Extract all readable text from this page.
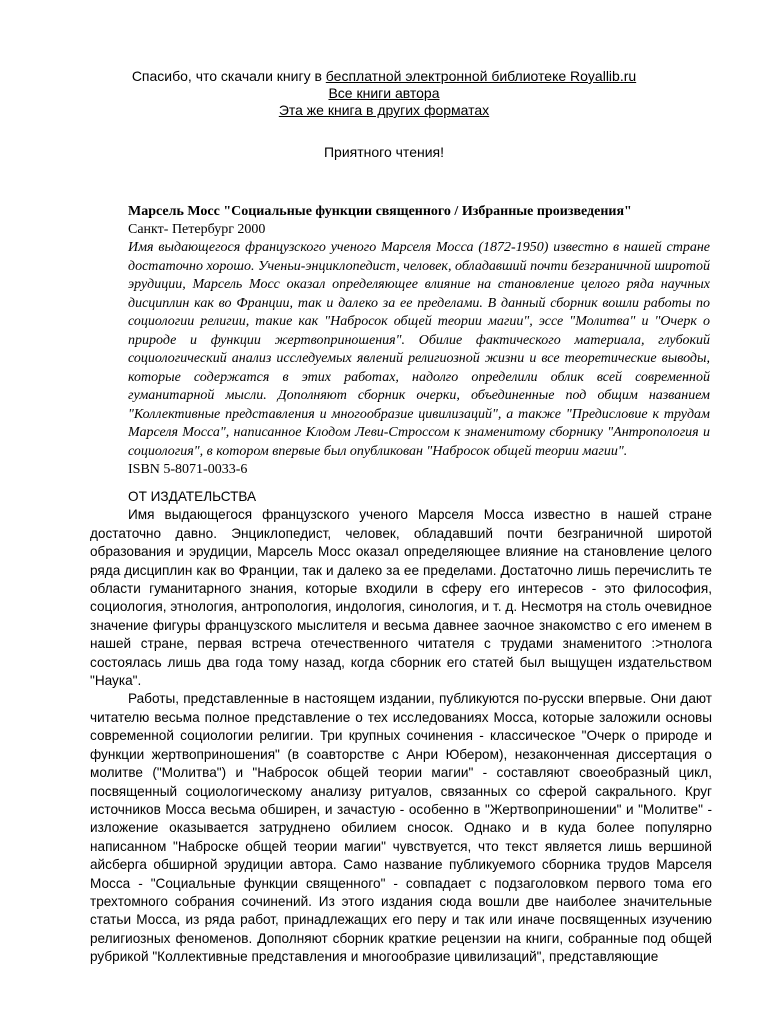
Спасибо, что скачали книгу в бесплатной электронной библиотеке Royallib.ru
Все книги автора
Эта же книга в других форматах
Приятного чтения!
Марсель Мосс "Социальные функции священного / Избранные произведения"
Санкт- Петербург 2000
Имя выдающегося французского ученого Марселя Мосса (1872-1950) известно в нашей стране достаточно хорошо. Ученьи-энциклопедист, человек, обладавший почти безграничной широтой эрудиции, Марсель Мосс оказал определяющее влияние на становление целого ряда научных дисциплин как во Франции, так и далеко за ее пределами. В данный сборник вошли работы по социологии религии, такие как "Набросок общей теории магии", эссе "Молитва" и "Очерк о природе и функции жертвоприношения". Обилие фактического материала, глубокий социологический анализ исследуемых явлений религиозной жизни и все теоретические выводы, которые содержатся в этих работах, надолго определили облик всей современной гуманитарной мысли. Дополняют сборник очерки, объединенные под общим названием "Коллективные представления и многообразие цивилизаций", а также "Предисловие к трудам Марселя Мосса", написанное Клодом Леви-Строссом к знаменитому сборнику "Антропология и социология", в котором впервые был опубликован "Набросок общей теории магии".
ISBN 5-8071-0033-6
ОТ ИЗДАТЕЛЬСТВА

Имя выдающегося французского ученого Марселя Мосса известно в нашей стране достаточно давно. Энциклопедист, человек, обладавший почти безграничной широтой образования и эрудиции, Марсель Мосс оказал определяющее влияние на становление целого ряда дисциплин как во Франции, так и далеко за ее пределами. Достаточно лишь перечислить те области гуманитарного знания, которые входили в сферу его интересов - это философия, социология, этнология, антропология, индология, синология, и т. д. Несмотря на столь очевидное значение фигуры французского мыслителя и весьма давнее заочное знакомство с его именем в нашей стране, первая встреча отечественного читателя с трудами знаменитого :>тнолога состоялась лишь два года тому назад, когда сборник его статей был выщущен издательством "Наука".

Работы, представленные в настоящем издании, публикуются по-русски впервые. Они дают читателю весьма полное представление о тех исследованиях Мосса, которые заложили основы современной социологии религии. Три крупных сочинения - классическое "Очерк о природе и функции жертвоприношения" (в соавторстве с Анри Юбером), незаконченная диссертация о молитве ("Молитва") и "Набросок общей теории магии" - составляют своеобразный цикл, посвященный социологическому анализу ритуалов, связанных со сферой сакрального. Круг источников Мосса весьма обширен, и зачастую - особенно в "Жертвоприношении" и "Молитве" - изложение оказывается затруднено обилием сносок. Однако и в куда более популярно написанном "Наброске общей теории магии" чувствуется, что текст является лишь вершиной айсберга обширной эрудиции автора. Само название публикуемого сборника трудов Марселя Мосса - "Социальные функции священного" - совпадает с подзаголовком первого тома его трехтомного собрания сочинений. Из этого издания сюда вошли две наиболее значительные статьи Мосса, из ряда работ, принадлежащих его перу и так или иначе посвященных изучению религиозных феноменов. Дополняют сборник краткие рецензии на книги, собранные под общей рубрикой "Коллективные представления и многообразие цивилизаций", представляющие
